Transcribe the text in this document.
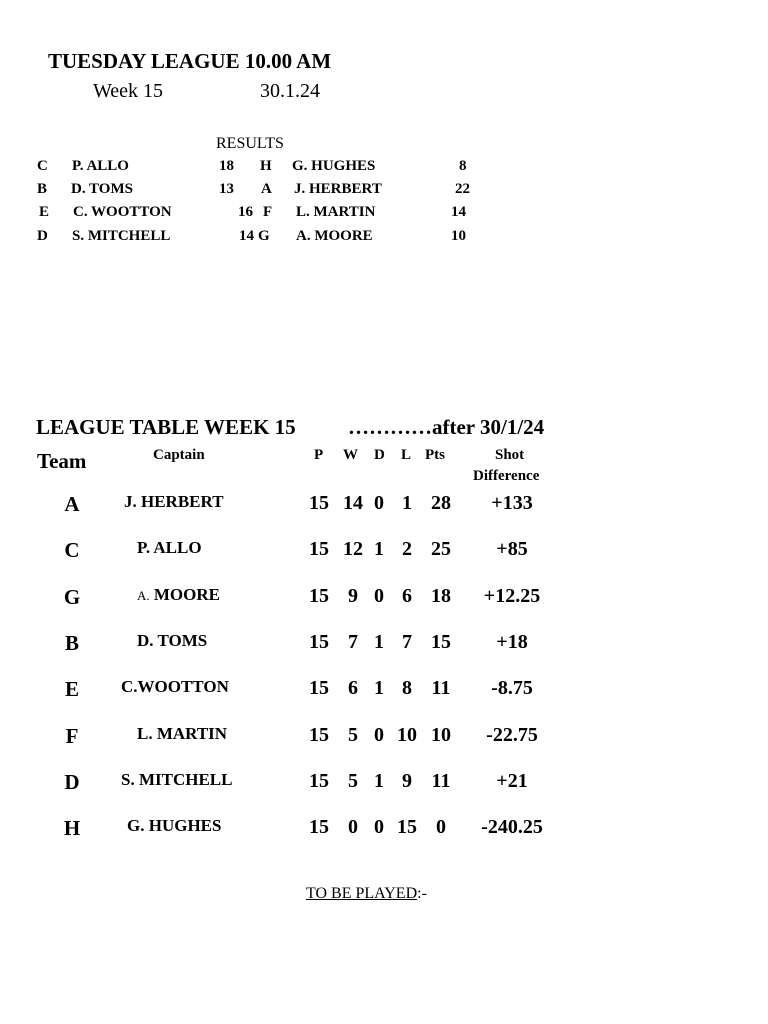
TUESDAY LEAGUE 10.00 AM
Week 15	30.1.24
RESULTS
C P. ALLO	18 H G. HUGHES	8
B D. TOMS	13 A J. HERBERT	22
E C. WOOTTON	16 F L. MARTIN	14
D S. MITCHELL	14 G A. MOORE	10
LEAGUE TABLE WEEK 15 …………after 30/1/24
Team	Captain	P W D L Pts	Shot
Difference
A	J. HERBERT	15 14 0 1 28	+133
C	P. ALLO	15 12 1 2 25	+85
G	A. MOORE	15 9 0 6 18	+12.25
B	D. TOMS	15 7 1 7 15	+18
E	C.WOOTTON	15 6 1 8 11	-8.75
F	L. MARTIN	15 5 0 10 10	-22.75
D	S. MITCHELL	15 5 1 9 11	+21
H	G. HUGHES	15 0 0 15 0	-240.25
TO BE PLAYED:-
